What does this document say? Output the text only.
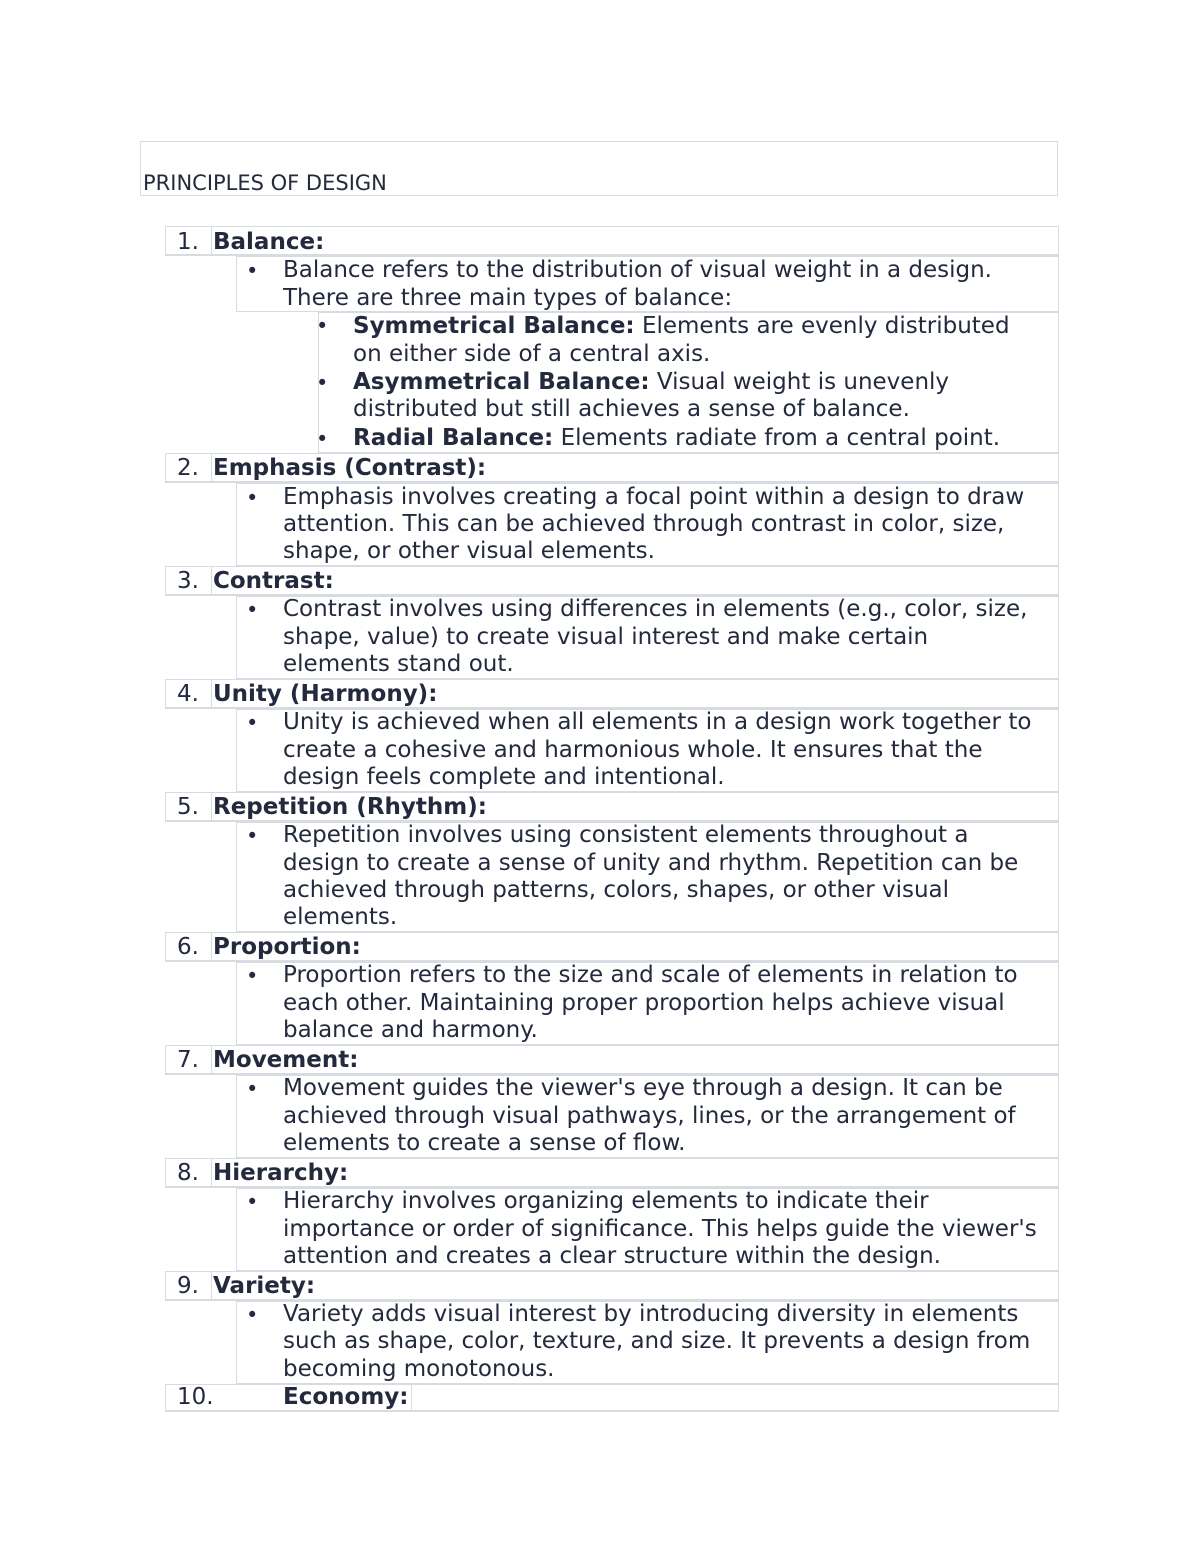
PRINCIPLES OF DESIGN
1. Balance:
• Balance refers to the distribution of visual weight in a design.
There are three main types of balance:
• Symmetrical Balance: Elements are evenly distributed
on either side of a central axis.
• Asymmetrical Balance: Visual weight is unevenly
distributed but still achieves a sense of balance.
• Radial Balance: Elements radiate from a central point.
2. Emphasis (Contrast):
• Emphasis involves creating a focal point within a design to draw
attention. This can be achieved through contrast in color, size,
shape, or other visual elements.
3. Contrast:
• Contrast involves using differences in elements (e.g., color, size,
shape, value) to create visual interest and make certain
elements stand out.
4. Unity (Harmony):
• Unity is achieved when all elements in a design work together to
create a cohesive and harmonious whole. It ensures that the
design feels complete and intentional.
5. Repetition (Rhythm):
• Repetition involves using consistent elements throughout a
design to create a sense of unity and rhythm. Repetition can be
achieved through patterns, colors, shapes, or other visual
elements.
6. Proportion:
• Proportion refers to the size and scale of elements in relation to
each other. Maintaining proper proportion helps achieve visual
balance and harmony.
7. Movement:
• Movement guides the viewer's eye through a design. It can be
achieved through visual pathways, lines, or the arrangement of
elements to create a sense of flow.
8. Hierarchy:
• Hierarchy involves organizing elements to indicate their
importance or order of significance. This helps guide the viewer's
attention and creates a clear structure within the design.
9. Variety:
• Variety adds visual interest by introducing diversity in elements
such as shape, color, texture, and size. It prevents a design from
becoming monotonous.
10.	Economy:
